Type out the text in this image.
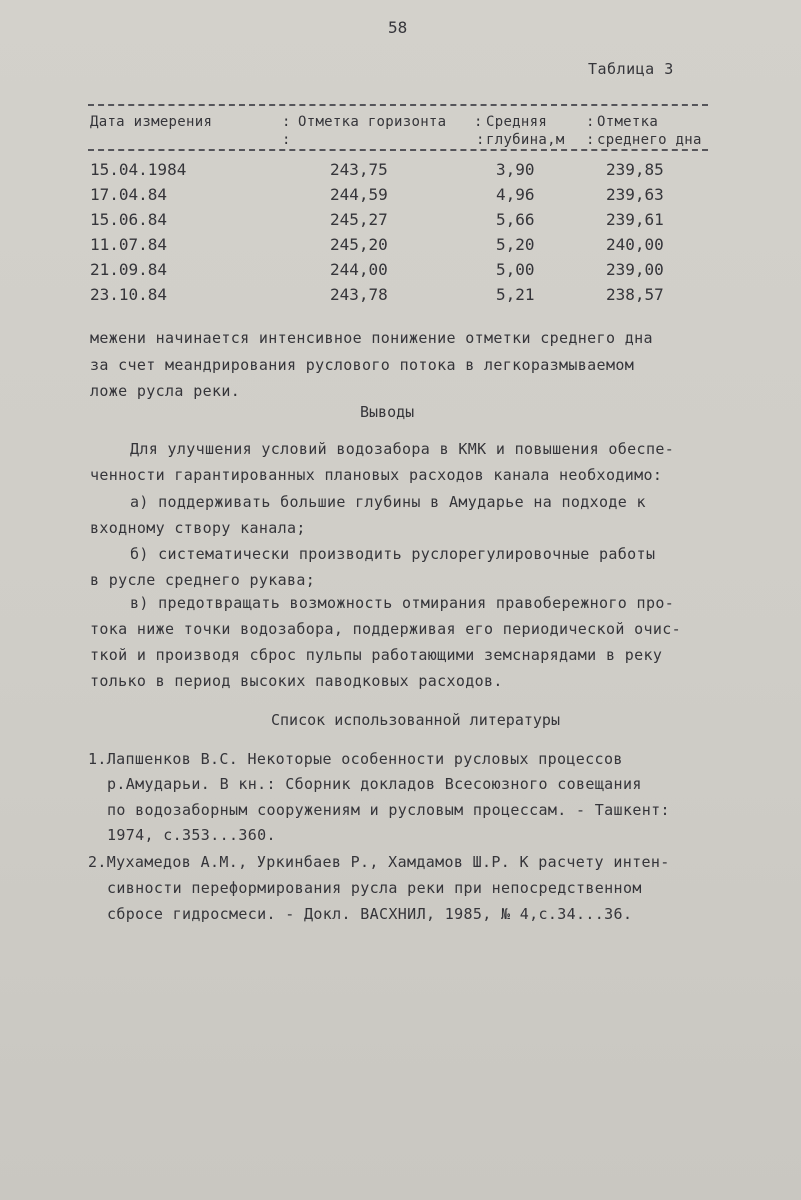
58
Таблица 3
Дата измерения	: Отметка горизонта : Средняя	: Отметка
:	: глубина,м : среднего дна
15.04.1984	243,75	3,90	239,85
17.04.84	244,59	4,96	239,63
15.06.84	245,27	5,66	239,61
11.07.84	245,20	5,20	240,00
21.09.84	244,00	5,00	239,00
23.10.84	243,78	5,21	238,57
межени начинается интенсивное понижение отметки среднего дна
за счет меандрирования руслового потока в легкоразмываемом
ложе русла реки.
Выводы
Для улучшения условий водозабора в КМК и повышения обеспе-
ченности гарантированных плановых расходов канала необходимо:
а) поддерживать большие глубины в Амударье на подходе к
входному створу канала;
б) систематически производить руслорегулировочные работы
в русле среднего рукава;
в) предотвращать возможность отмирания правобережного про-
тока ниже точки водозабора, поддерживая его периодической очис-
ткой и производя сброс пульпы работающими земснарядами в реку
только в период высоких паводковых расходов.
Список использованной литературы
1.Лапшенков В.С. Некоторые особенности русловых процессов
р.Амударьи. В кн.: Сборник докладов Всесоюзного совещания
по водозаборным сооружениям и русловым процессам. - Ташкент:
1974, с.353...360.
2.Мухамедов А.М., Уркинбаев Р., Хамдамов Ш.Р. К расчету интен-
сивности переформирования русла реки при непосредственном
сбросе гидросмеси. - Докл. ВАСХНИЛ, 1985, № 4,с.34...36.
